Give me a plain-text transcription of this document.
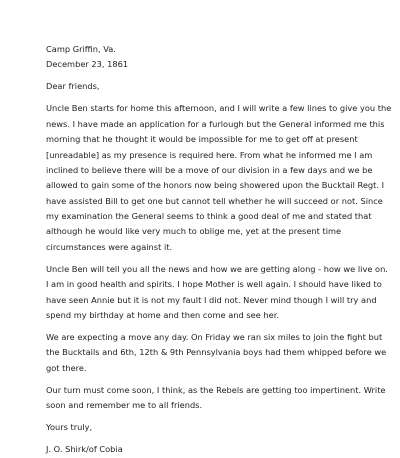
Camp Griffin, Va.
December 23, 1861
Dear friends,
Uncle Ben starts for home this afternoon, and I will write a few lines to give you the
news. I have made an application for a furlough but the General informed me this
morning that he thought it would be impossible for me to get off at present
[unreadable] as my presence is required here. From what he informed me I am
inclined to believe there will be a move of our division in a few days and we be
allowed to gain some of the honors now being showered upon the Bucktail Regt. I
have assisted Bill to get one but cannot tell whether he will succeed or not. Since
my examination the General seems to think a good deal of me and stated that
although he would like very much to oblige me, yet at the present time
circumstances were against it.
Uncle Ben will tell you all the news and how we are getting along - how we live on.
I am in good health and spirits. I hope Mother is well again. I should have liked to
have seen Annie but it is not my fault I did not. Never mind though I will try and
spend my birthday at home and then come and see her.
We are expecting a move any day. On Friday we ran six miles to join the fight but
the Bucktails and 6th, 12th & 9th Pennsylvania boys had them whipped before we
got there.
Our turn must come soon, I think, as the Rebels are getting too impertinent. Write
soon and remember me to all friends.
Yours truly,
J. O. Shirk/of Cobia
